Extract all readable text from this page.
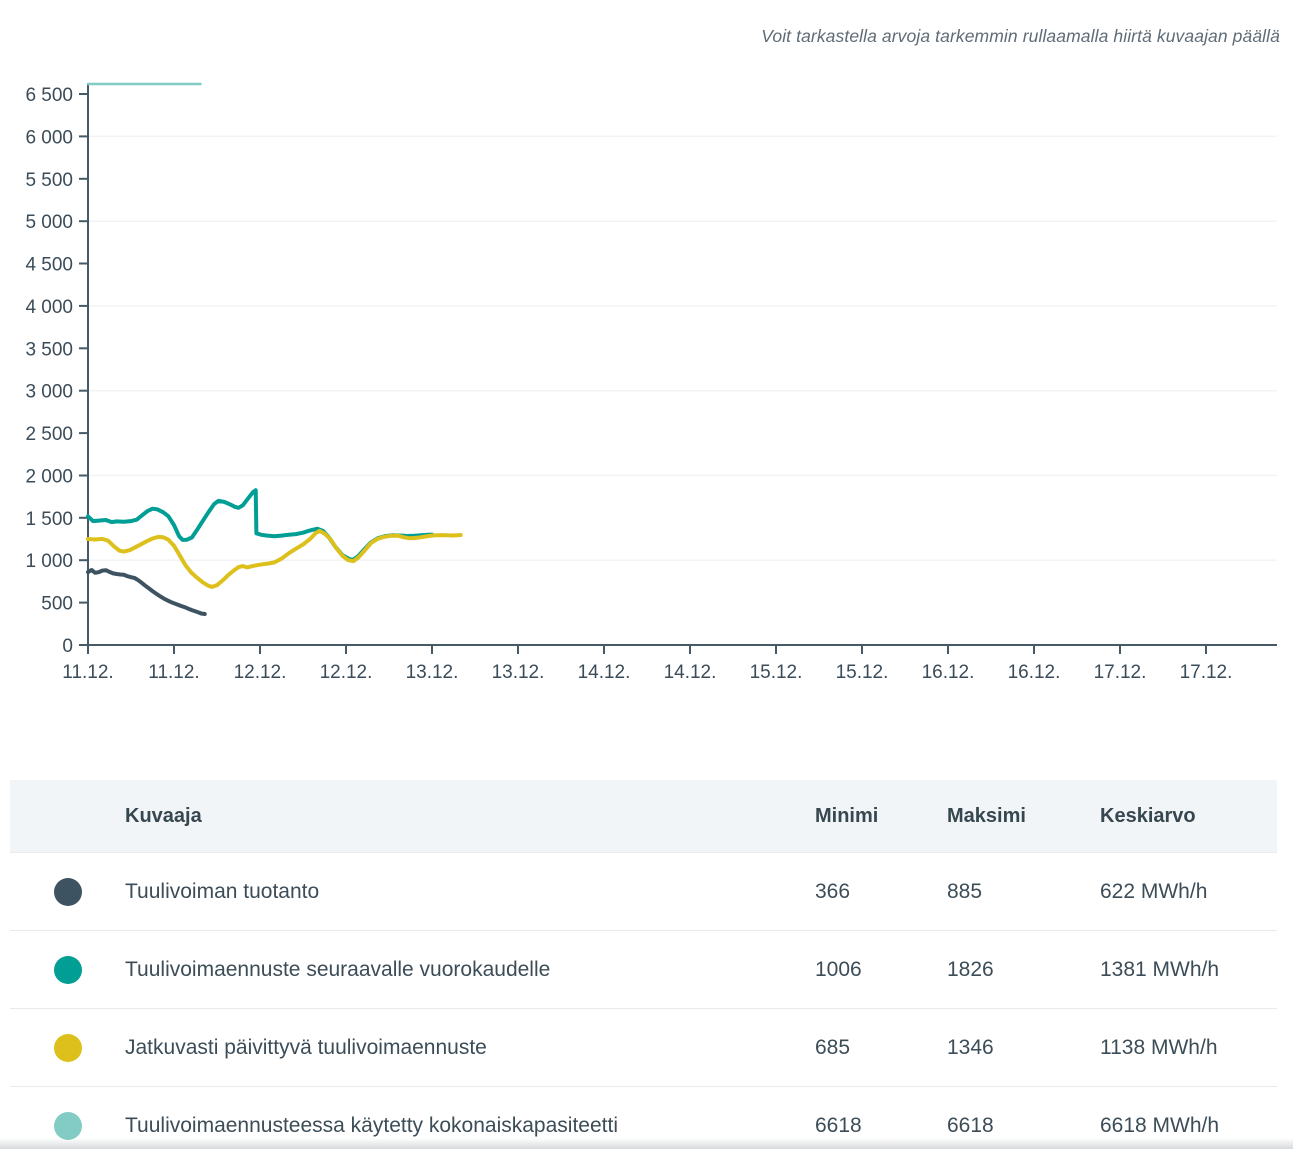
Voit tarkastella arvoja tarkemmin rullaamalla hiirtä kuvaajan päällä
0
500
1 000
1 500
2 000
2 500
3 000
3 500
4 000
4 500
5 000
5 500
6 000
6 500
11.12. 11.12. 12.12. 12.12. 13.12. 13.12. 14.12. 14.12. 15.12. 15.12. 16.12. 16.12. 17.12. 17.12.
Kuvaaja	Minimi	Maksimi	Keskiarvo
Tuulivoiman tuotanto	366	885	622 MWh/h
Tuulivoimaennuste seuraavalle vuorokaudelle	1006	1826	1381 MWh/h
Jatkuvasti päivittyvä tuulivoimaennuste	685	1346	1138 MWh/h
Tuulivoimaennusteessa käytetty kokonaiskapasiteetti	6618	6618	6618 MWh/h
